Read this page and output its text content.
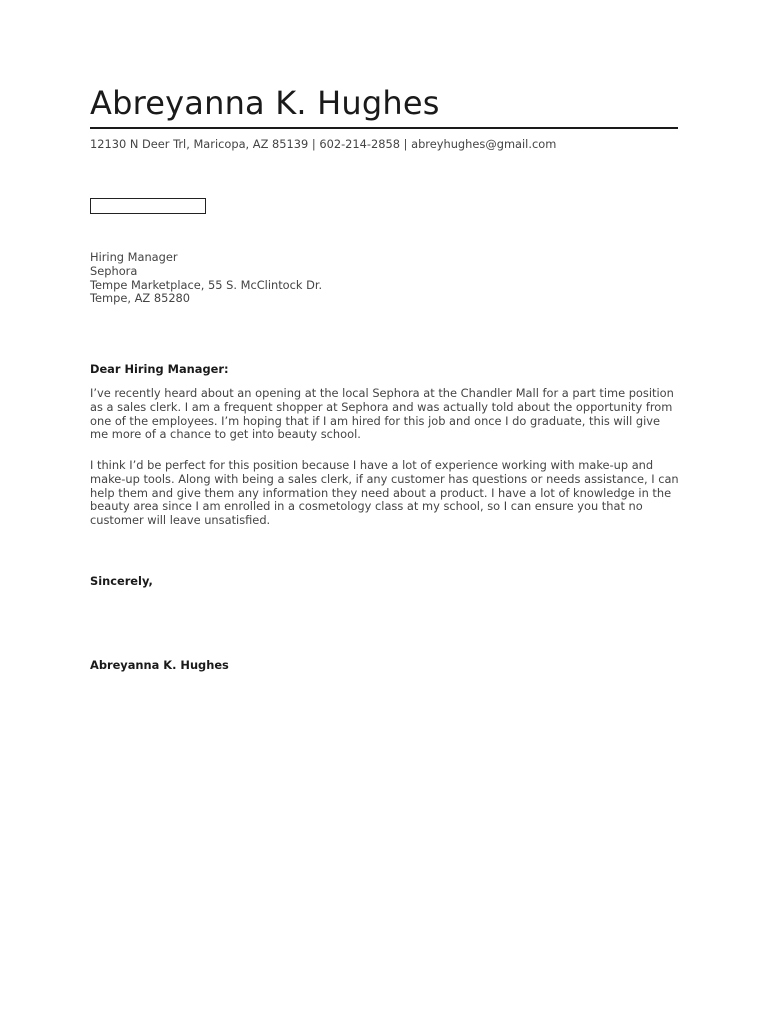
Abreyanna K. Hughes
12130 N Deer Trl, Maricopa, AZ 85139 | 602-214-2858 | abreyhughes@gmail.com
Hiring Manager
Sephora
Tempe Marketplace, 55 S. McClintock Dr.
Tempe, AZ 85280
Dear Hiring Manager:

I’ve recently heard about an opening at the local Sephora at the Chandler Mall for a part time position as a sales clerk. I am a frequent shopper at Sephora and was actually told about the opportunity from one of the employees. I’m hoping that if I am hired for this job and once I do graduate, this will give me more of a chance to get into beauty school.

I think I’d be perfect for this position because I have a lot of experience working with make-up and make-up tools. Along with being a sales clerk, if any customer has questions or needs assistance, I can help them and give them any information they need about a product. I have a lot of knowledge in the beauty area since I am enrolled in a cosmetology class at my school, so I can ensure you that no customer will leave unsatisfied.

Sincerely,
Abreyanna K. Hughes
